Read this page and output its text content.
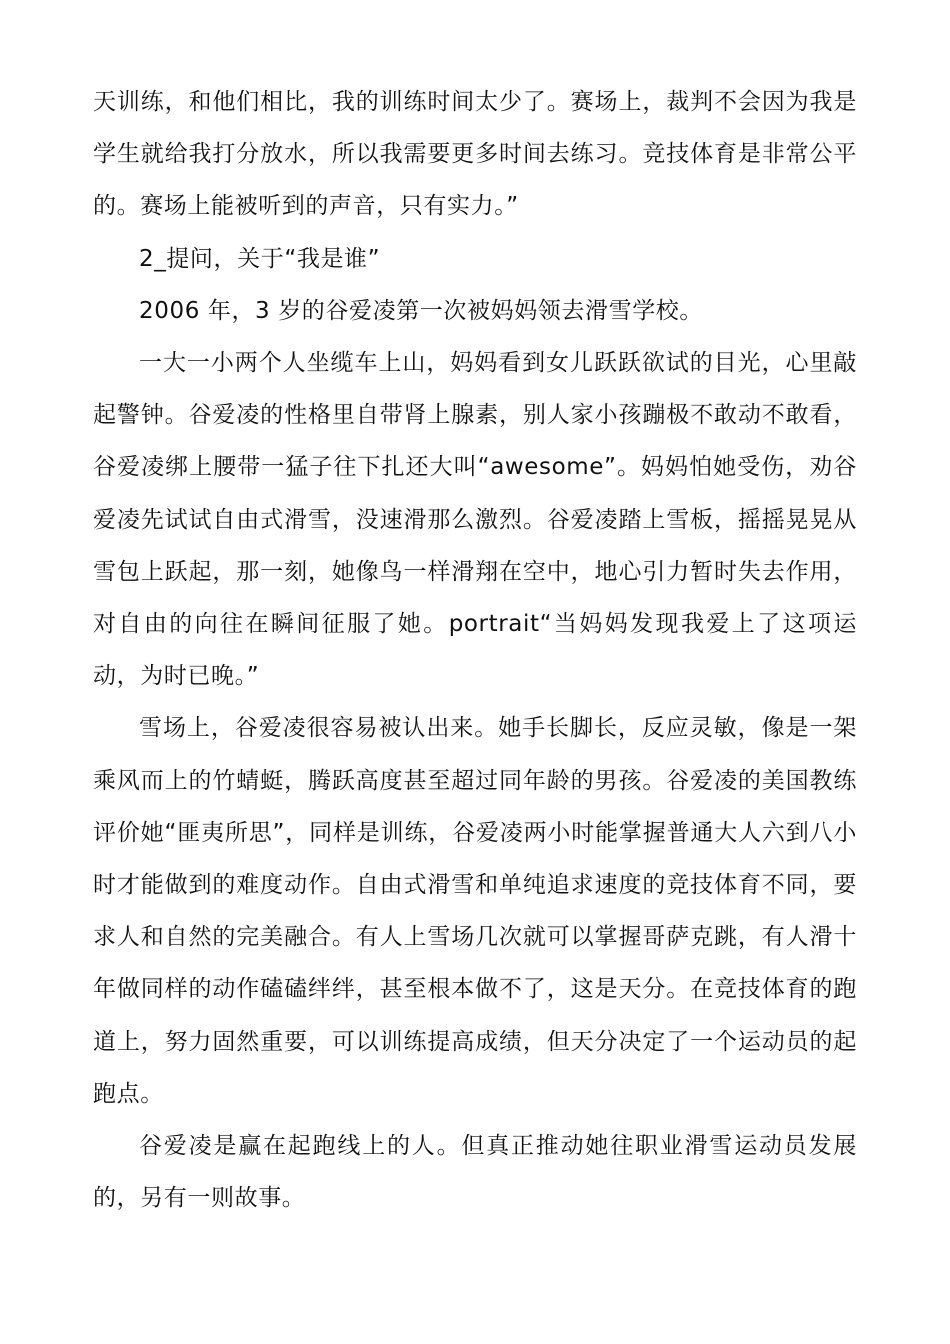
天训练，和他们相比，我的训练时间太少了。赛场上，裁判不会因为我是学生就给我打分放水，所以我需要更多时间去练习。竞技体育是非常公平的。赛场上能被听到的声音，只有实力。”

2_提问，关于“我是谁”

2006 年，3 岁的谷爱凌第一次被妈妈领去滑雪学校。

一大一小两个人坐缆车上山，妈妈看到女儿跃跃欲试的目光，心里敲起警钟。谷爱凌的性格里自带肾上腺素，别人家小孩蹦极不敢动不敢看，谷爱凌绑上腰带一猛子往下扎还大叫“awesome”。妈妈怕她受伤，劝谷爱凌先试试自由式滑雪，没速滑那么激烈。谷爱凌踏上雪板，摇摇晃晃从雪包上跃起，那一刻，她像鸟一样滑翔在空中，地心引力暂时失去作用，对自由的向往在瞬间征服了她。portrait“当妈妈发现我爱上了这项运动，为时已晚。”

雪场上，谷爱凌很容易被认出来。她手长脚长，反应灵敏，像是一架乘风而上的竹蜻蜓，腾跃高度甚至超过同年龄的男孩。谷爱凌的美国教练评价她“匪夷所思”，同样是训练，谷爱凌两小时能掌握普通大人六到八小时才能做到的难度动作。自由式滑雪和单纯追求速度的竞技体育不同，要求人和自然的完美融合。有人上雪场几次就可以掌握哥萨克跳，有人滑十年做同样的动作磕磕绊绊，甚至根本做不了，这是天分。在竞技体育的跑道上，努力固然重要，可以训练提高成绩，但天分决定了一个运动员的起跑点。

谷爱凌是赢在起跑线上的人。但真正推动她往职业滑雪运动员发展的，另有一则故事。
